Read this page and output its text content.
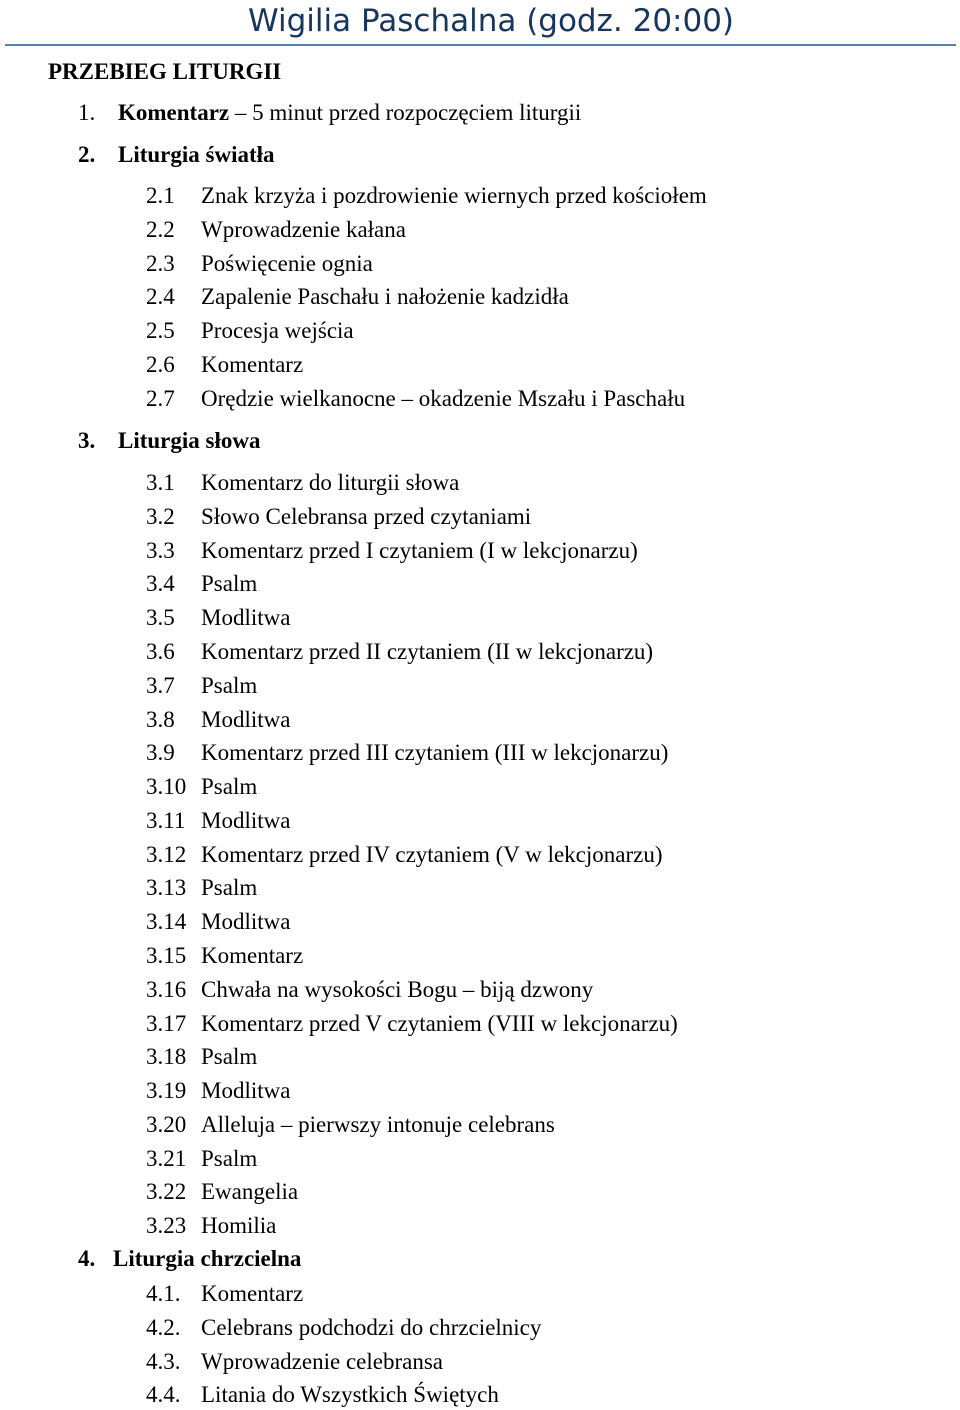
Wigilia Paschalna (godz. 20:00)
PRZEBIEG LITURGII
1. Komentarz – 5 minut przed rozpoczęciem liturgii
2. Liturgia światła
2.1 Znak krzyża i pozdrowienie wiernych przed kościołem
2.2 Wprowadzenie kałana
2.3 Poświęcenie ognia
2.4 Zapalenie Paschału i nałożenie kadzidła
2.5 Procesja wejścia
2.6 Komentarz
2.7 Orędzie wielkanocne – okadzenie Mszału i Paschału
3. Liturgia słowa
3.1 Komentarz do liturgii słowa
3.2 Słowo Celebransa przed czytaniami
3.3 Komentarz przed I czytaniem (I w lekcjonarzu)
3.4 Psalm
3.5 Modlitwa
3.6 Komentarz przed II czytaniem (II w lekcjonarzu)
3.7 Psalm
3.8 Modlitwa
3.9 Komentarz przed III czytaniem (III w lekcjonarzu)
3.10 Psalm
3.11 Modlitwa
3.12 Komentarz przed IV czytaniem (V w lekcjonarzu)
3.13 Psalm
3.14 Modlitwa
3.15 Komentarz
3.16 Chwała na wysokości Bogu – biją dzwony
3.17 Komentarz przed V czytaniem (VIII w lekcjonarzu)
3.18 Psalm
3.19 Modlitwa
3.20 Alleluja – pierwszy intonuje celebrans
3.21 Psalm
3.22 Ewangelia
3.23 Homilia
4. Liturgia chrzcielna
4.1. Komentarz
4.2. Celebrans podchodzi do chrzcielnicy
4.3. Wprowadzenie celebransa
4.4. Litania do Wszystkich Świętych
